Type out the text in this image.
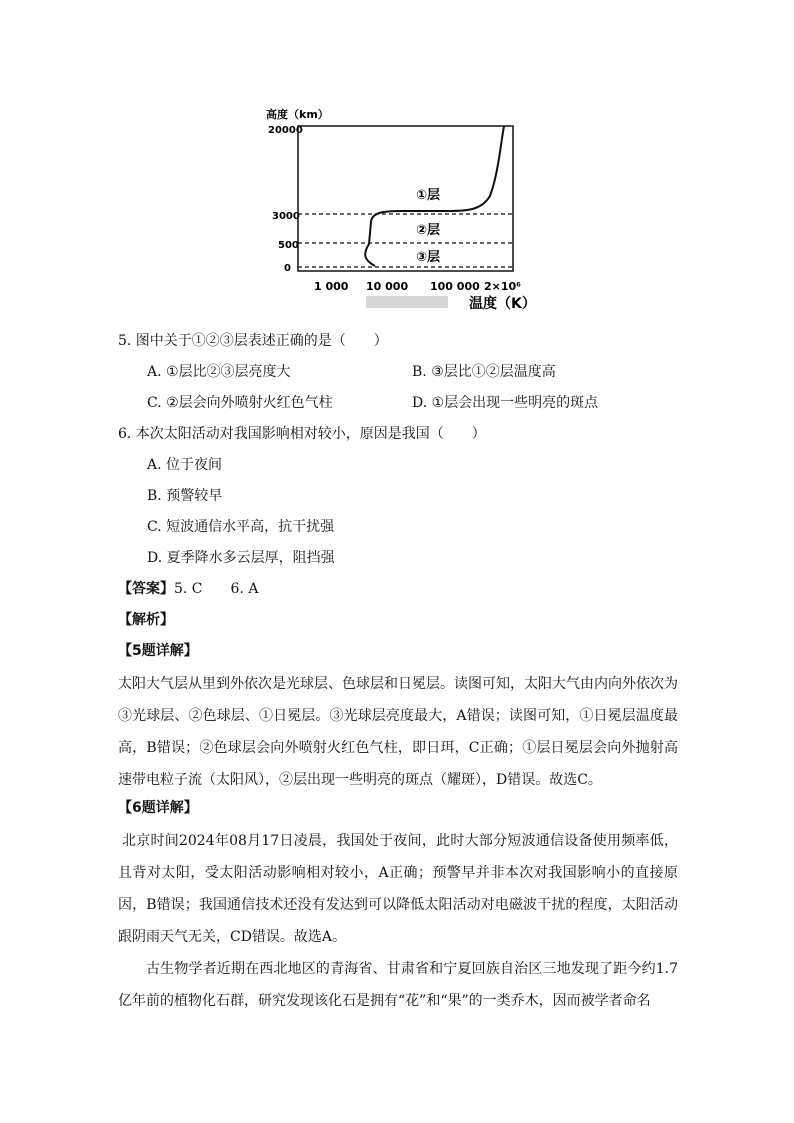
高度（km）
20000
3000
500
0
①层
②层
③层
1 000 10 000 100 000 2×10⁶
温度（K）
5. 图中关于①②③层表述正确的是（　　）
A. ①层比②③层亮度大	B. ③层比①②层温度高
C. ②层会向外喷射火红色气柱	D. ①层会出现一些明亮的斑点
6. 本次太阳活动对我国影响相对较小，原因是我国（　　）
A. 位于夜间
B. 预警较早
C. 短波通信水平高，抗干扰强
D. 夏季降水多云层厚，阻挡强
【答案】5. C　　6. A
【解析】
【5题详解】
太阳大气层从里到外依次是光球层、色球层和日冕层。读图可知，太阳大气由内向外依次为③光球层、②色球层、①日冕层。③光球层亮度最大，A错误；读图可知，①日冕层温度最高，B错误；②色球层会向外喷射火红色气柱，即日珥，C正确；①层日冕层会向外抛射高速带电粒子流（太阳风），②层出现一些明亮的斑点（耀斑），D错误。故选C。
【6题详解】
北京时间2024年08月17日凌晨，我国处于夜间，此时大部分短波通信设备使用频率低，且背对太阳，受太阳活动影响相对较小，A正确；预警早并非本次对我国影响小的直接原因，B错误；我国通信技术还没有发达到可以降低太阳活动对电磁波干扰的程度，太阳活动跟阴雨天气无关，CD错误。故选A。
古生物学者近期在西北地区的青海省、甘肃省和宁夏回族自治区三地发现了距今约1.7亿年前的植物化石群，研究发现该化石是拥有“花”和“果”的一类乔木，因而被学者命名
